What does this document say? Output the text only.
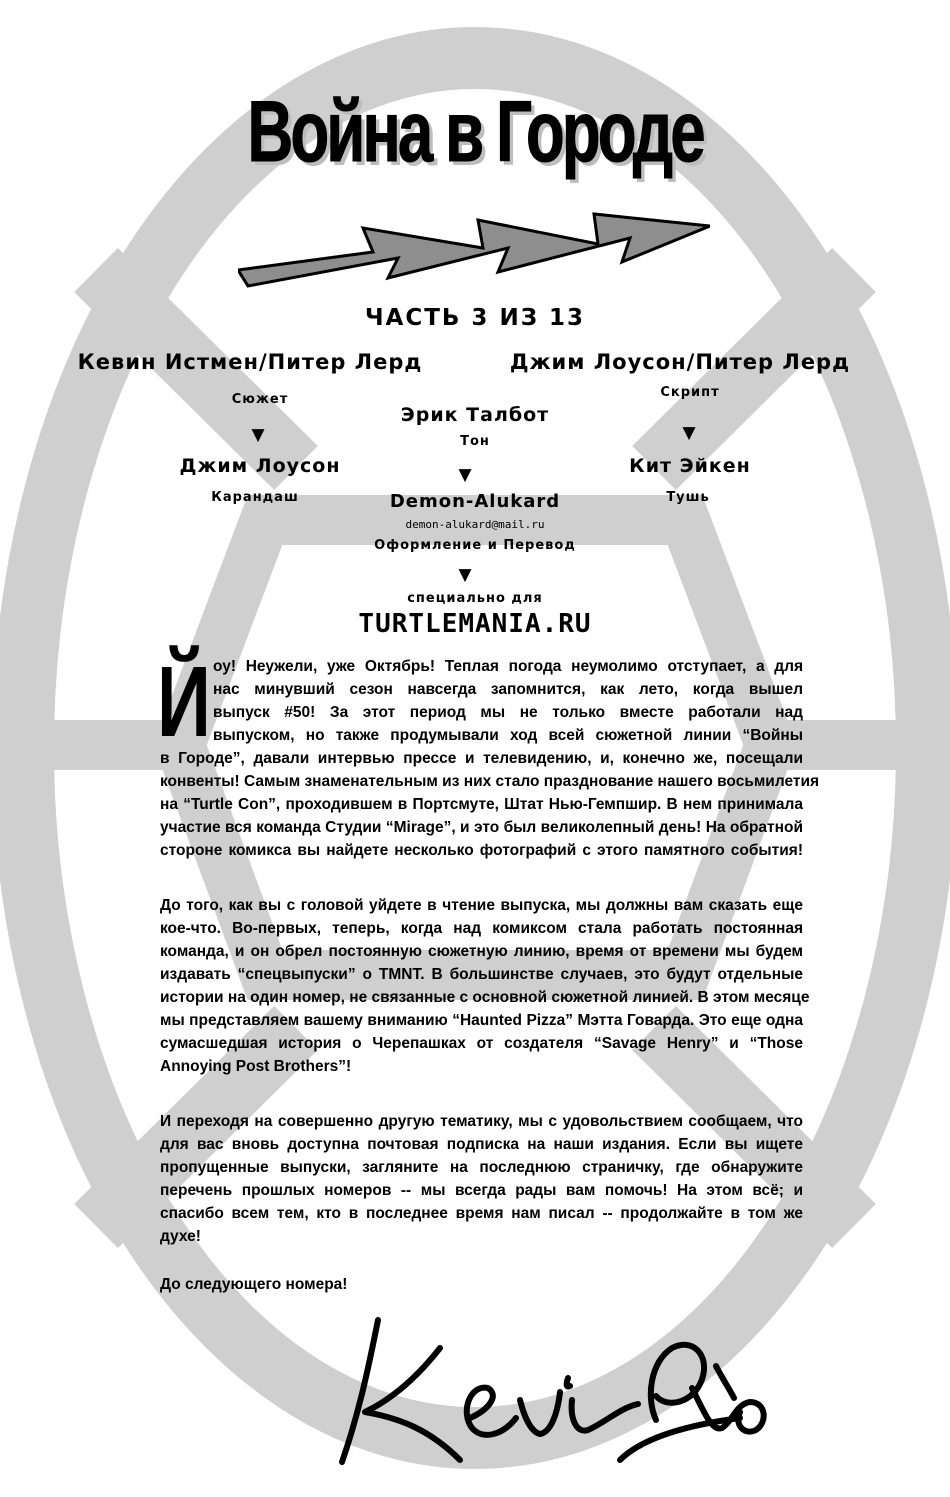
Война в Городе
ЧАСТЬ 3 ИЗ 13
Кевин Истмен/Питер Лерд
Сюжет
▼
Джим Лоусон/Питер Лерд
Скрипт
▼
Эрик Талбот
Тон
▼
Джим Лоусон
Карандаш
Кит Эйкен
Тушь
Demon-Alukard
demon-alukard@mail.ru
Оформление и Перевод
▼
специально для
TURTLEMANIA.RU
Й оу! Неужели, уже Октябрь! Теплая погода неумолимо отступает, а для
нас минувший сезон навсегда запомнится, как лето, когда вышел
выпуск #50! За этот период мы не только вместе работали над
выпуском, но также продумывали ход всей сюжетной линии “Войны
в Городе”, давали интервью прессе и телевидению, и, конечно же, посещали
конвенты! Самым знаменательным из них стало празднование нашего восьмилетия
на “Turtle Con”, проходившем в Портсмуте, Штат Нью-Гемпшир. В нем принимала
участие вся команда Студии “Mirage”, и это был великолепный день! На обратной
стороне комикса вы найдете несколько фотографий с этого памятного события!
До того, как вы с головой уйдете в чтение выпуска, мы должны вам сказать еще
кое-что. Во-первых, теперь, когда над комиксом стала работать постоянная
команда, и он обрел постоянную сюжетную линию, время от времени мы будем
издавать “спецвыпуски” о TMNT. В большинстве случаев, это будут отдельные
истории на один номер, не связанные с основной сюжетной линией. В этом месяце
мы представляем вашему вниманию “Haunted Pizza” Мэтта Говарда. Это еще одна
сумасшедшая история о Черепашках от создателя “Savage Henry” и “Those
Annoying Post Brothers”!
И переходя на совершенно другую тематику, мы с удовольствием сообщаем, что
для вас вновь доступна почтовая подписка на наши издания. Если вы ищете
пропущенные выпуски, загляните на последнюю страничку, где обнаружите
перечень прошлых номеров -- мы всегда рады вам помочь! На этом всё; и
спасибо всем тем, кто в последнее время нам писал -- продолжайте в том же
духе!
До следующего номера!
